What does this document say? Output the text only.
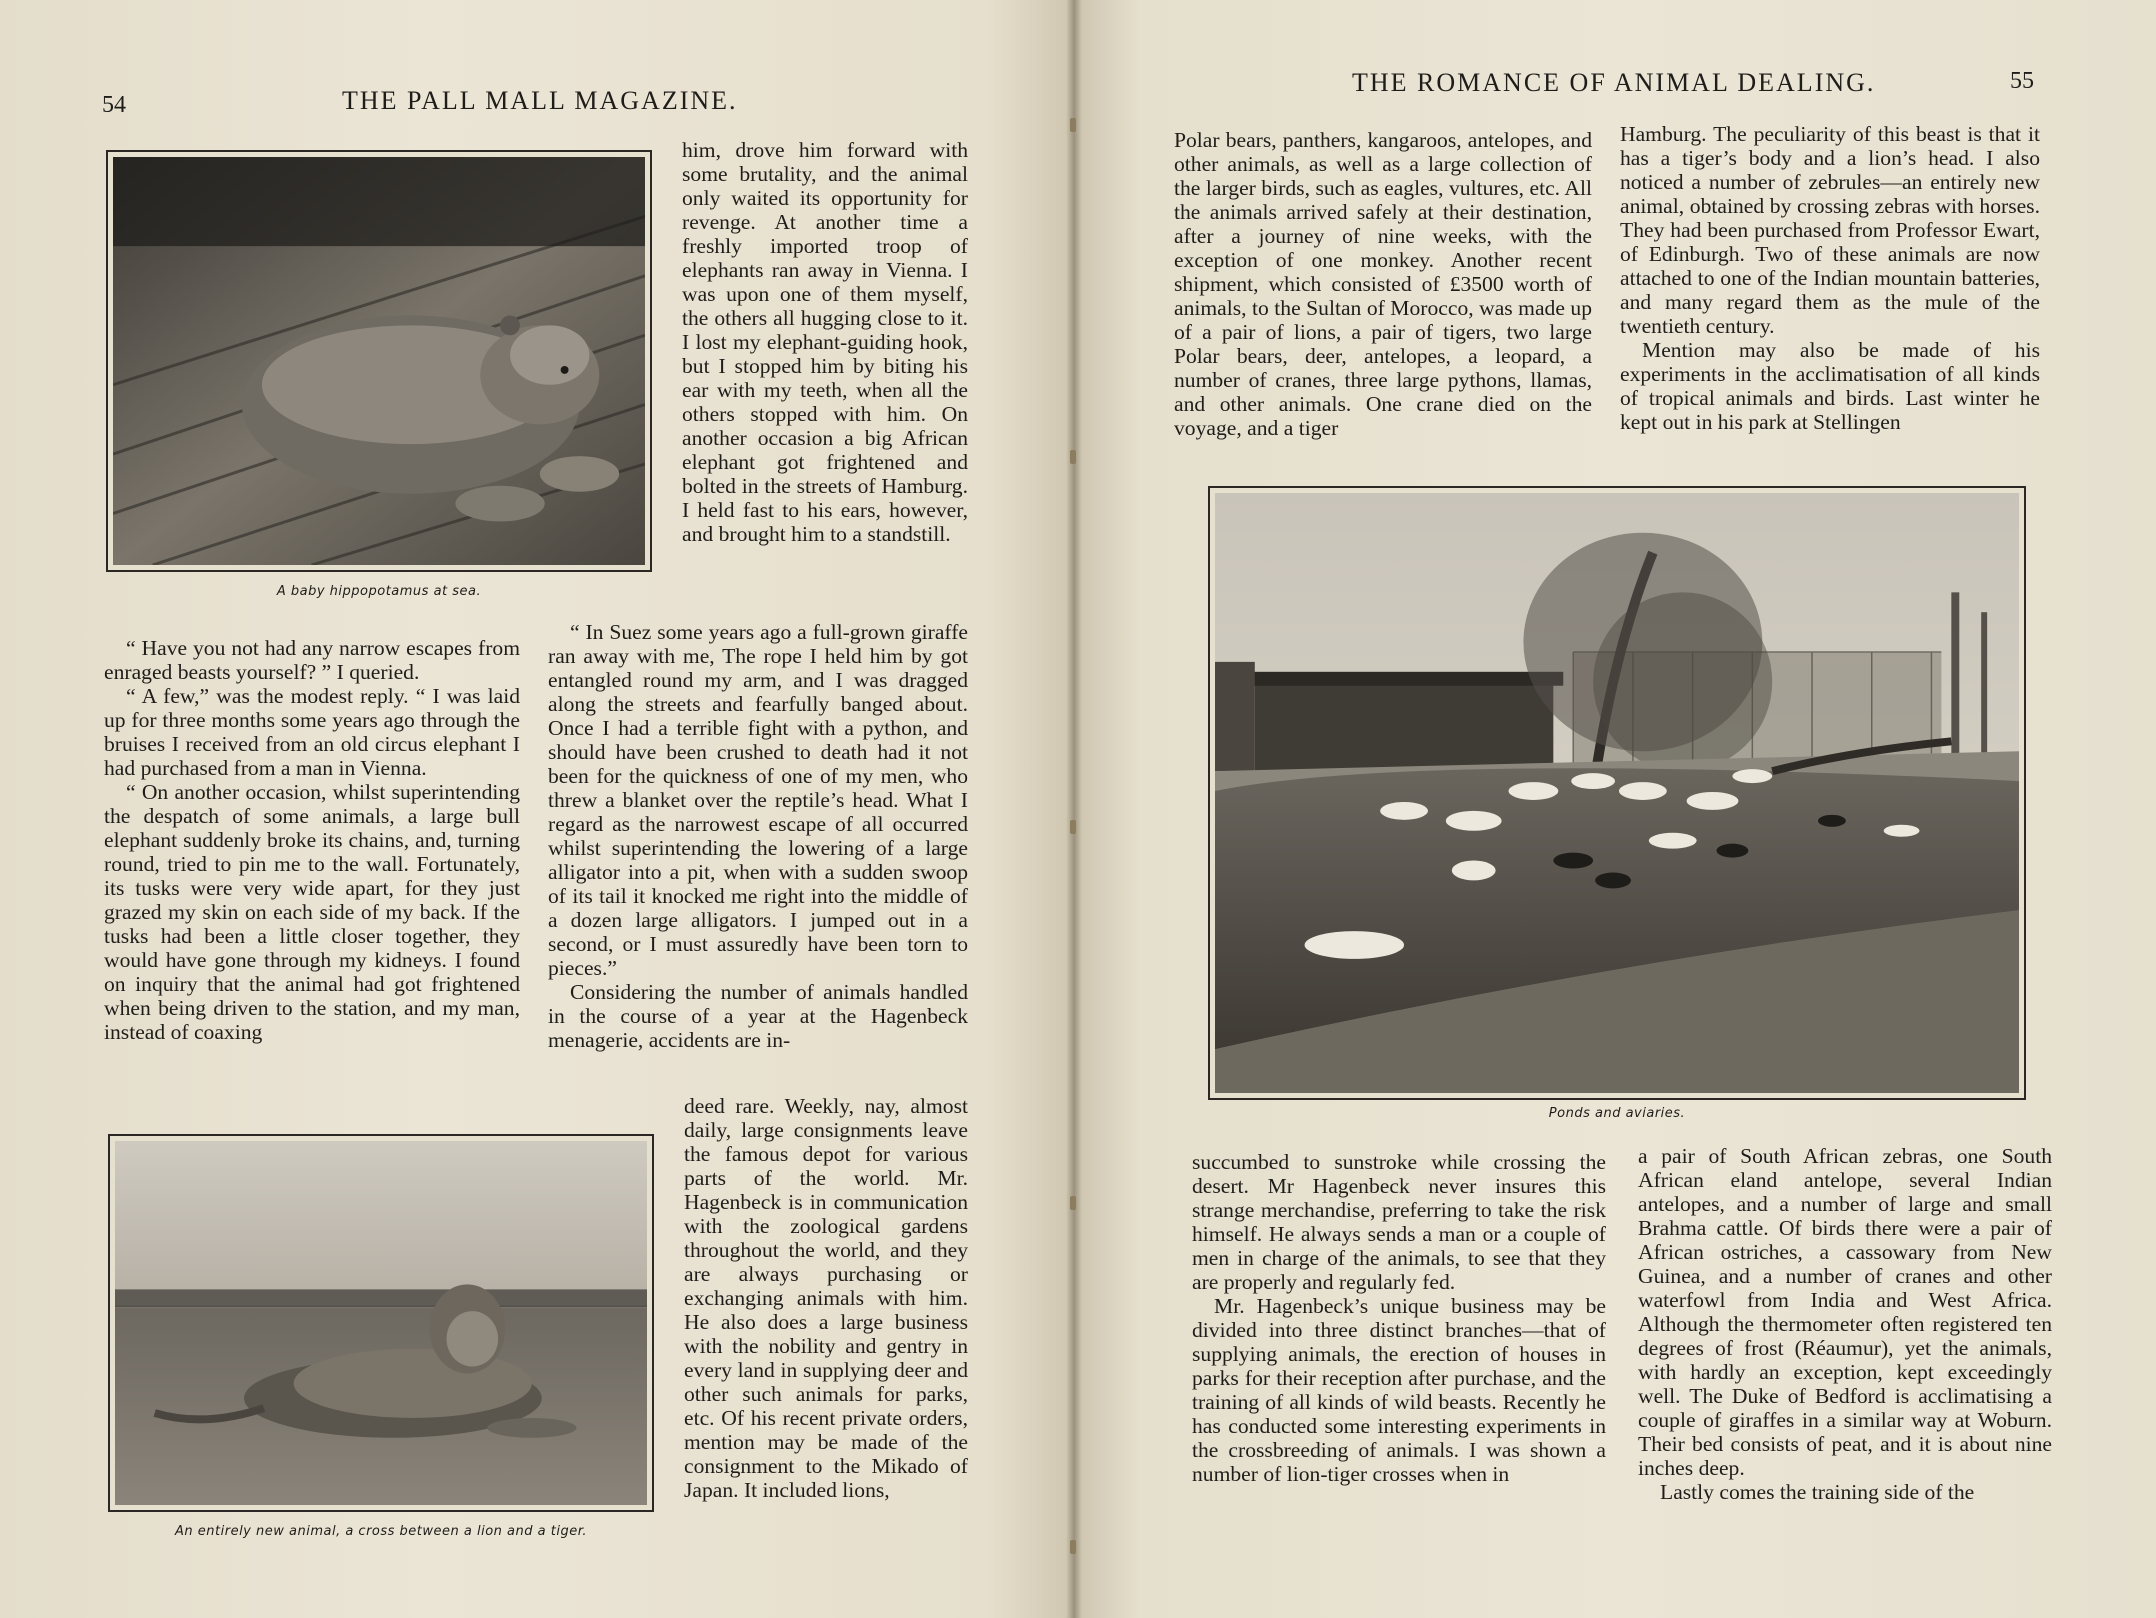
54	THE PALL MALL MAGAZINE.
A baby hippopotamus at sea.

him, drove him forward with some brutality, and the animal only waited its opportunity for revenge. At another time a freshly imported troop of elephants ran away in Vienna. I was upon one of them myself, the others all hugging close to it. I lost my elephant-guiding hook, but I stopped him by biting his ear with my teeth, when all the others stopped with him. On another occasion a big African elephant got frightened and bolted in the streets of Hamburg. I held fast to his ears, however, and brought him to a standstill.

“ Have you not had any narrow escapes from enraged beasts yourself? ” I queried.

“ A few,” was the modest reply. “ I was laid up for three months some years ago through the bruises I received from an old circus elephant I had purchased from a man in Vienna.

“ On another occasion, whilst superintending the despatch of some animals, a large bull elephant suddenly broke its chains, and, turning round, tried to pin me to the wall. Fortunately, its tusks were very wide apart, for they just grazed my skin on each side of my back. If the tusks had been a little closer together, they would have gone through my kidneys. I found on inquiry that the animal had got frightened when being driven to the station, and my man, instead of coaxing

“ In Suez some years ago a full-grown giraffe ran away with me, The rope I held him by got entangled round my arm, and I was dragged along the streets and fearfully banged about. Once I had a terrible fight with a python, and should have been crushed to death had it not been for the quickness of one of my men, who threw a blanket over the reptile’s head. What I regard as the narrowest escape of all occurred whilst superintending the lowering of a large alligator into a pit, when with a sudden swoop of its tail it knocked me right into the middle of a dozen large alligators. I jumped out in a second, or I must assuredly have been torn to pieces.”

Considering the number of animals handled in the course of a year at the Hagenbeck menagerie, accidents are in-

An entirely new animal, a cross between a lion and a tiger.

deed rare. Weekly, nay, almost daily, large consignments leave the famous depot for various parts of the world. Mr. Hagenbeck is in communication with the zoological gardens throughout the world, and they are always purchasing or exchanging animals with him. He also does a large business with the nobility and gentry in every land in supplying deer and other such animals for parks, etc. Of his recent private orders, mention may be made of the consignment to the Mikado of Japan. It included lions,

THE ROMANCE OF ANIMAL DEALING.	55

Polar bears, panthers, kangaroos, antelopes, and other animals, as well as a large collection of the larger birds, such as eagles, vultures, etc. All the animals arrived safely at their destination, after a journey of nine weeks, with the exception of one monkey. Another recent shipment, which consisted of £3500 worth of animals, to the Sultan of Morocco, was made up of a pair of lions, a pair of tigers, two large Polar bears, deer, antelopes, a leopard, a number of cranes, three large pythons, llamas, and other animals. One crane died on the voyage, and a tiger

Hamburg. The peculiarity of this beast is that it has a tiger’s body and a lion’s head. I also noticed a number of zebrules—an entirely new animal, obtained by crossing zebras with horses. They had been purchased from Professor Ewart, of Edinburgh. Two of these animals are now attached to one of the Indian mountain batteries, and many regard them as the mule of the twentieth century.

Mention may also be made of his experiments in the acclimatisation of all kinds of tropical animals and birds. Last winter he kept out in his park at Stellingen

Ponds and aviaries.

succumbed to sunstroke while crossing the desert. Mr Hagenbeck never insures this strange merchandise, preferring to take the risk himself. He always sends a man or a couple of men in charge of the animals, to see that they are properly and regularly fed.

Mr. Hagenbeck’s unique business may be divided into three distinct branches—that of supplying animals, the erection of houses in parks for their reception after purchase, and the training of all kinds of wild beasts. Recently he has conducted some interesting experiments in the crossbreeding of animals. I was shown a number of lion-tiger crosses when in

a pair of South African zebras, one South African eland antelope, several Indian antelopes, and a number of large and small Brahma cattle. Of birds there were a pair of African ostriches, a cassowary from New Guinea, and a number of cranes and other waterfowl from India and West Africa. Although the thermometer often registered ten degrees of frost (Réaumur), yet the animals, with hardly an exception, kept exceedingly well. The Duke of Bedford is acclimatising a couple of giraffes in a similar way at Woburn. Their bed consists of peat, and it is about nine inches deep.

Lastly comes the training side of the
